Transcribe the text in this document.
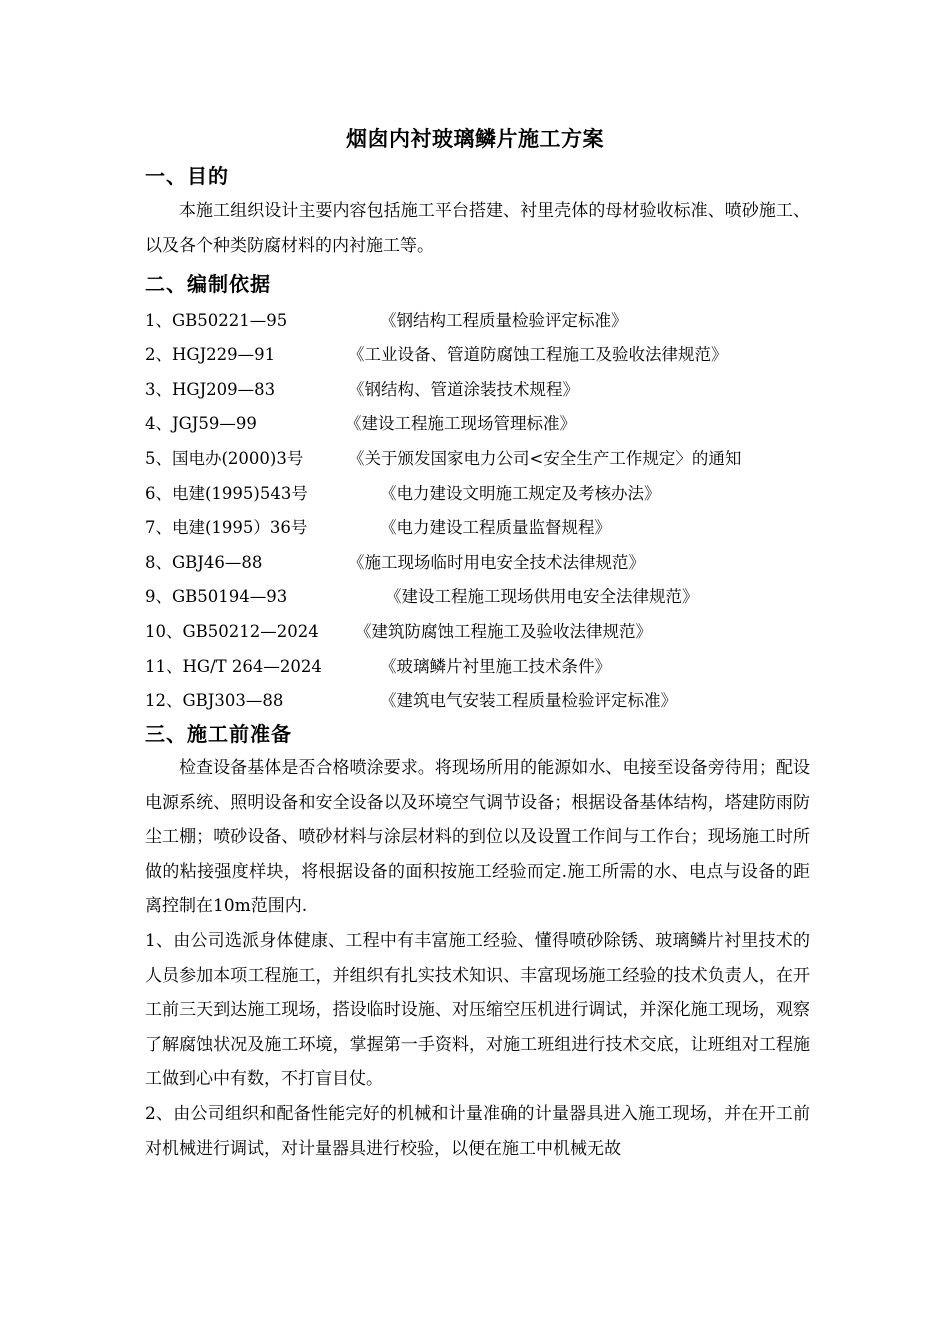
烟囱内衬玻璃鳞片施工方案
一、目的
本施工组织设计主要内容包括施工平台搭建、衬里壳体的母材验收标准、喷砂施工、以及各个种类防腐材料的内衬施工等。
二、编制依据
1、GB50221—95	《钢结构工程质量检验评定标准》
2、HGJ229—91	《工业设备、管道防腐蚀工程施工及验收法律规范》
3、HGJ209—83	《钢结构、管道涂装技术规程》
4、JGJ59—99	《建设工程施工现场管理标准》
5、国电办(2000)3号	《关于颁发国家电力公司<安全生产工作规定〉的通知
6、电建(1995)543号	《电力建设文明施工规定及考核办法》
7、电建(1995）36号	《电力建设工程质量监督规程》
8、GBJ46—88	《施工现场临时用电安全技术法律规范》
9、GB50194—93	《建设工程施工现场供用电安全法律规范》
10、GB50212—2024 《建筑防腐蚀工程施工及验收法律规范》
11、HG/T 264—2024	《玻璃鳞片衬里施工技术条件》
12、GBJ303—88	《建筑电气安装工程质量检验评定标准》
三、施工前准备
检查设备基体是否合格喷涂要求。将现场所用的能源如水、电接至设备旁待用；配设电源系统、照明设备和安全设备以及环境空气调节设备；根据设备基体结构，塔建防雨防尘工棚；喷砂设备、喷砂材料与涂层材料的到位以及设置工作间与工作台；现场施工时所做的粘接强度样块，将根据设备的面积按施工经验而定.施工所需的水、电点与设备的距离控制在10m范围内.
1、由公司选派身体健康、工程中有丰富施工经验、懂得喷砂除锈、玻璃鳞片衬里技术的人员参加本项工程施工，并组织有扎实技术知识、丰富现场施工经验的技术负责人，在开工前三天到达施工现场，搭设临时设施、对压缩空压机进行调试，并深化施工现场，观察了解腐蚀状况及施工环境，掌握第一手资料，对施工班组进行技术交底，让班组对工程施工做到心中有数，不打盲目仗。
2、由公司组织和配备性能完好的机械和计量准确的计量器具进入施工现场，并在开工前对机械进行调试，对计量器具进行校验，以便在施工中机械无故
